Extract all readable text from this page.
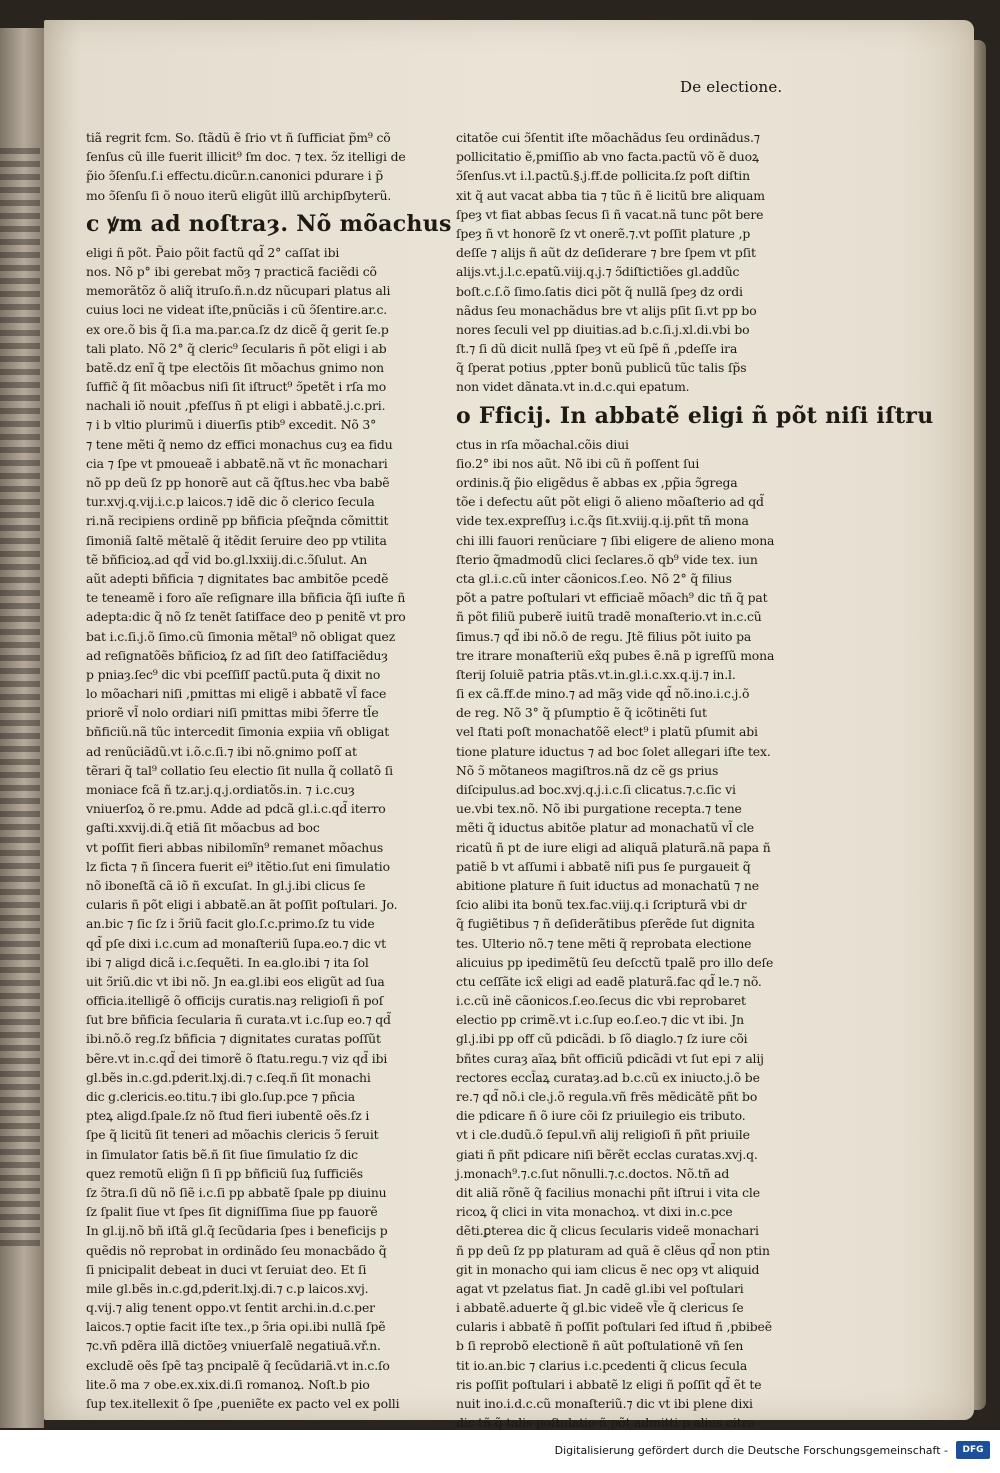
De electione.
tiã regrit fcm. So. ſtãdũ ẽ ſrio vt ñ ſufficiat p̃m⁹ cõ
ſenſus cũ ille fuerit illicit⁹ ſm doc. ⁊ tex. ↄ̃z itelligi de
p̃io ↄ̃ſenſu.ſ.i effectu.dicũr.n.canonici pdurare i p̃
mo ↄ̃ſenſu ſi õ nouo iterũ eligũt illũ archipſbyterũ.
c ꝟm ad noſtraȝ. Nõ mõachus
eligi ñ põt. P̃aio põit factũ qd̃ 2° caſſat ibi
nos. Nõ p° ibi gerebat mõȝ ⁊ practicã faciẽdi cõ
memorãtõz õ aliq̃ itruſo.ñ.n.dz nũcupari platus ali
cuius loci ne videat iſte,pnũciãs i cũ ↄ̃ſentire.ar.c.
ex ore.õ bis q̃ ſi.a ma.par.ca.ſz dz dicẽ q̃ gerit ſe.p
tali plato. Nõ 2° q̃ cleric⁹ ſecularis ñ põt eligi i ab
batẽ.dz enĩ q̃ tpe electõis ſit mõachus gnimo non
ſuffic̃ q̃ ſit mõacbus niſi ſit iſtruct⁹ ↄ̃petẽt i rſa mo
nachali iõ nouit ,pfeſſus ñ pt eligi i abbatẽ.j.c.pri.
⁊ i b vltio plurimũ i diuerſis ptib⁹ excedit. Nõ 3°
⁊ tene mẽti q̃ nemo dz effici monachus cuȝ ea fidu
cia ⁊ ſpe vt pmoueaẽ i abbatẽ.nã vt ñc monachari
nõ pp deũ ſz pp honorẽ aut cã q̃ſtus.hec vba babẽ
tur.xvj.q.vij.i.c.p laicos.⁊ idẽ dic õ clerico ſecula
ri.nã recipiens ordinẽ pp bñficia pſeq̃nda cõmittit
ſimoniã ſaltẽ mẽtalẽ q̃ itẽdit ſeruire deo pp vtilita
tẽ bñficioꝝ.ad qd̃ vid bo.gl.lxxiij.di.c.ↄ̃ſulut. An
aũt adepti bñficia ⁊ dignitates bac ambitõe pcedẽ
te teneamẽ i foro aĩe reſignare illa bñficia q̃ſi iuſte ñ
adepta:dic q̃ nõ ſz tenẽt ſatiſface deo p penitẽ vt pro
bat i.c.ſi.j.õ ſimo.cũ ſimonia mẽtal⁹ nõ obligat quez
ad reſignatõẽs bñficioꝝ ſz ad ſiſt deo ſatiſfaciẽduȝ
p pniaȝ.ſec⁹ dic vbi pceſſiſſ pactũ.puta q̃ dixit no
lo mõachari niſi ,pmittas mi eligẽ i abbatẽ vl̃ face
priorẽ vl̃ nolo ordiari niſi pmittas mibi ↄ̃ferre tl̃e
bñficiũ.nã tũc intercedit ſimonia expiia vñ obligat
ad renũciãdũ.vt i.õ.c.ſi.⁊ ibi nõ.gnimo poſſ at
tẽrari q̃ tal⁹ collatio ſeu electio ſit nulla q̃ collatõ ſi
moniace fcã ñ tz.ar.j.q.j.ordiatõs.in. ⁊ i.c.cuȝ
vniuerſoꝝ õ re.pmu. Adde ad pdcã gl.i.c.qd̃ iterro
gaſti.xxvij.di.q̃ etiã ſit mõacbus ad boc
vt poſſit fieri abbas nibilomĩn⁹ remanet mõachus
lz ficta ⁊ ñ ſincera fuerit ei⁹ itẽtio.ſut eni ſimulatio
nõ iboneſtã cã iõ ñ excuſat. In gl.j.ibi clicus ſe
cularis ñ põt eligi i abbatẽ.an ãt poſſit poſtulari. Jo.
an.bic ⁊ ſic ſz i ↄ̃riũ facit glo.ſ.c.primo.ſz tu vide
qd̃ pſe dixi i.c.cum ad monaſteriũ ſupa.eo.⁊ dic vt
ibi ⁊ aligd dicã i.c.ſequẽti. In ea.glo.ibi ⁊ ita ſol
uit ↄ̃riũ.dic vt ibi nõ. Jn ea.gl.ibi eos eligũt ad ſua
officia.itelligẽ õ officijs curatis.naȝ religioſi ñ poſ
ſut bre bñficia ſecularia ñ curata.vt i.c.ſup eo.⁊ qd̃
ibi.nõ.õ reg.ſz bñficia ⁊ dignitates curatas poſſũt
bẽre.vt in.c.qd̃ dei timorẽ õ ſtatu.regu.⁊ viz qd̃ ibi
gl.bẽs in.c.gd.pderit.lxj.di.⁊ c.ſeq.ñ ſit monachi
dic g.clericis.eo.titu.⁊ ibi glo.ſup.pce ⁊ pñcia
pteꝝ aligd.ſpale.ſz nõ ſtud fieri iubentẽ oẽs.ſz i
ſpe q̃ licitũ ſit teneri ad mõachis clericis ↄ̃ ſeruit
in ſimulator ſatis bẽ.ñ ſit ſiue ſimulatio ſz dic
quez remotũ elig̃n ſi ſi pp bñficiũ ſuꝝ ſufficiẽs
ſz ↄ̃tra.ſi dũ nõ ſiẽ i.c.ſi pp abbatẽ ſpale pp diuinu
ſz ſpalit ſiue vt ſpes ſit digniſſima ſiue pp fauorẽ
In gl.ij.nõ bñ iſtã gl.q̃ ſecũdaria ſpes i beneficijs p
quẽdis nõ reprobat in ordinãdo ſeu monacbãdo q̃
ſi pnicipalit debeat in duci vt ſeruiat deo. Et ſi
mile gl.bẽs in.c.gd,pderit.lxj.di.⁊ c.p laicos.xvj.
q.vij.⁊ alig tenent oppo.vt ſentit archi.in.d.c.per
laicos.⁊ optie facit iſte tex.,p ↄ̃ria opi.ibi nullã ſpẽ
⁊c.vñ pdẽra illã dictõeȝ vniuerſalẽ negatiuã.vř.n.
excludẽ oẽs ſpẽ taȝ pncipalẽ q̃ ſecũdariã.vt in.c.ſo
lite.õ ma ⁊ obe.ex.xix.di.ſi romanoꝝ. Noſt.b pio
ſup tex.itellexit õ ſpe ,pueniẽte ex pacto vel ex polli
citatõe cui ↄ̃ſentit iſte mõachãdus ſeu ordinãdus.⁊
pollicitatio ẽ,pmiſſio ab vno facta.pactũ võ ẽ duoꝝ
ↄ̃ſenſus.vt i.l.pactũ.§.j.ff.de pollicita.ſz poſt diſtin
xit q̃ aut vacat abba tia ⁊ tũc ñ ẽ licitũ bre aliquam
ſpeȝ vt fiat abbas ſecus ſi ñ vacat.nã tunc põt bere
ſpeȝ ñ vt honorẽ ſz vt onerẽ.⁊.vt poſſit plature ,p
deſſe ⁊ alijs ñ aũt dz deſiderare ⁊ bre ſpem vt pſit
alijs.vt.j.l.c.epatũ.viij.q.j.⁊ ↄ̃diſtictiões gl.addũc
boſt.c.ſ.õ ſimo.ſatis dici põt q̃ nullã ſpeȝ dz ordi
nãdus ſeu monachãdus bre vt alijs pſit ſi.vt pp bo
nores ſeculi vel pp diuitias.ad b.c.ſi.j.xl.di.vbi bo
ſt.⁊ ſi dũ dicit nullã ſpeȝ vt eũ ſpẽ ñ ,pdeſſe ira
q̃ ſperat potius ,ppter bonũ publicũ tũc talis ſp̃s
non videt dãnata.vt in.d.c.qui epatum.
o Fficij. In abbatẽ eligi ñ põt niſi iſtru
ctus in rſa mõachal.cõis diui
ſio.2° ibi nos aũt. Nõ ibi cũ ñ poſſent ſui
ordinis.q̃ p̃io eligẽdus ẽ abbas ex ,pp̃ia ↄ̃grega
tõe i defectu aũt põt eligi õ alieno mõaſterio ad qd̃
vide tex.expreſſuȝ i.c.q̃s ſit.xviij.q.ij.pñt tñ mona
chi illi fauori renũciare ⁊ ſibi eligere de alieno mona
ſterio q̃madmodũ clici ſeclares.õ qb⁹ vide tex. iun
cta gl.i.c.cũ inter cãonicos.ſ.eo. Nõ 2° q̃ filius
põt a patre poſtulari vt efficiaẽ mõach⁹ dic tñ q̃ pat
ñ põt filiũ puberẽ iuitũ tradẽ monaſterio.vt in.c.cũ
ſimus.⁊ qd̃ ibi nõ.õ de regu. Jtẽ filius põt iuito pa
tre itrare monaſteriũ ex̃q pubes ẽ.nã p igreſſũ mona
ſterij ſoluiẽ patria ptãs.vt.in.gl.i.c.xx.q.ij.⁊ in.l.
ſi ex cã.ff.de mino.⁊ ad mãȝ vide qd̃ nõ.ino.i.c.j.õ
de reg. Nõ 3° q̃ pſumptio ẽ q̃ icõtinẽti ſut
vel ſtati poſt monachatõẽ elect⁹ i platũ pſumit abi
tione plature iductus ⁊ ad boc ſolet allegari iſte tex.
Nõ ↄ̃ mõtaneos magiſtros.nã dz cẽ gs prius
diſcipulus.ad boc.xvj.q.j.i.c.ſi clicatus.⁊.c.ſic vi
ue.vbi tex.nõ. Nõ ibi purgatione recepta.⁊ tene
mẽti q̃ iductus abitõe platur ad monachatũ vl̃ cle
ricatũ ñ pt de iure eligi ad aliquã platurã.nã papa ñ
patiẽ b vt aſſumi i abbatẽ niſi pus ſe purgaueit q̃
abitione plature ñ ſuit iductus ad monachatũ ⁊ ne
ſcio alibi ita bonũ tex.fac.viij.q.i ſcripturã vbi dr
q̃ fugiẽtibus ⁊ ñ deſiderãtibus pſerẽde ſut dignita
tes. Ulterio nõ.⁊ tene mẽti q̃ reprobata electione
alicuius pp ipedimẽtũ ſeu deſcctũ tpalẽ pro illo deſe
ctu ceſſãte icx̃ eligi ad eadẽ platurã.fac qd̃ le.⁊ nõ.
i.c.cũ inẽ cãonicos.ſ.eo.ſecus dic vbi reprobaret
electio pp crimẽ.vt i.c.ſup eo.ſ.eo.⁊ dic vt ibi. Jn
gl.j.ibi pp off cũ pdicãdi. b ſõ diaglo.⁊ ſz iure cõi
bñtes curaȝ aĩaꝝ bñt officiũ pdicãdi vt ſut epi ⁊ alij
rectores eccl̃aꝝ curataȝ.ad b.c.cũ ex iniucto.j.õ be
re.⁊ qd̃ nõ.i cle.j.õ regula.vñ frẽs mẽdicãtẽ pñt bo
die pdicare ñ õ iure cõi ſz priuilegio eis tributo.
vt i cle.dudũ.õ ſepul.vñ alij religioſi ñ pñt priuile
giati ñ pñt pdicare niſi bẽrẽt ecclas curatas.xvj.q.
j.monach⁹.⁊.c.ſut nõnulli.⁊.c.doctos. Nõ.tñ ad
dit aliã rõnẽ q̃ facilius monachi pñt iſtrui i vita cle
ricoꝝ q̃ clici in vita monachoꝝ. vt dixi in.c.pce
dẽti.ꝑterea dic q̃ clicus ſecularis videẽ monachari
ñ pp deũ ſz pp platuram ad quã ẽ clẽus qd̃ non ptin
git in monacho qui iam clicus ẽ nec opȝ vt aliquid
agat vt pzelatus fiat. Jn cadẽ gl.ibi vel poſtulari
i abbatẽ.aduerte q̃ gl.bic videẽ vl̃e q̃ clericus ſe
cularis i abbatẽ ñ poſſit poſtulari ſed iſtud ñ ,pbibeẽ
b ſi reprobõ electionẽ ñ aũt poſtulationẽ vñ ſen
tit io.an.bic ⁊ clarius i.c.pcedenti q̃ clicus ſecula
ris poſſit poſtulari i abbatẽ lz eligi ñ poſſit qd̃ ẽt te
nuit ino.i.d.c.cũ monaſteriũ.⁊ dic vt ibi plene dixi
dic tñ q̃ talis poſtulatio ñ põt admitti p alius citra
Digitalisierung gefördert durch die Deutsche Forschungsgemeinschaft -	DFG
